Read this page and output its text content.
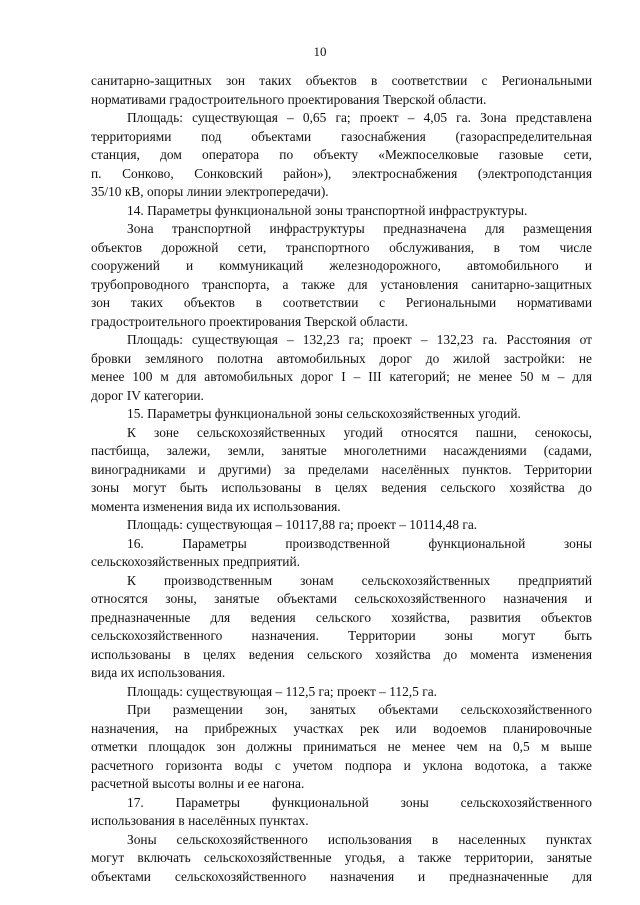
10
санитарно-защитных зон таких объектов в соответствии с Региональными
нормативами градостроительного проектирования Тверской области.
Площадь: существующая – 0,65 га; проект – 4,05 га. Зона представлена
территориями под объектами газоснабжения (газораспределительная
станция, дом оператора по объекту «Межпоселковые газовые сети,
п. Сонково, Сонковский район»), электроснабжения (электроподстанция
35/10 кВ, опоры линии электропередачи).
14. Параметры функциональной зоны транспортной инфраструктуры.
Зона транспортной инфраструктуры предназначена для размещения
объектов дорожной сети, транспортного обслуживания, в том числе
сооружений и коммуникаций железнодорожного, автомобильного и
трубопроводного транспорта, а также для установления санитарно-защитных
зон таких объектов в соответствии с Региональными нормативами
градостроительного проектирования Тверской области.
Площадь: существующая – 132,23 га; проект – 132,23 га. Расстояния от
бровки земляного полотна автомобильных дорог до жилой застройки: не
менее 100 м для автомобильных дорог I – III категорий; не менее 50 м – для
дорог IV категории.
15. Параметры функциональной зоны сельскохозяйственных угодий.
К зоне сельскохозяйственных угодий относятся пашни, сенокосы,
пастбища, залежи, земли, занятые многолетними насаждениями (садами,
виноградниками и другими) за пределами населённых пунктов. Территории
зоны могут быть использованы в целях ведения сельского хозяйства до
момента изменения вида их использования.
Площадь: существующая – 10117,88 га; проект – 10114,48 га.
16. Параметры производственной функциональной зоны
сельскохозяйственных предприятий.
К производственным зонам сельскохозяйственных предприятий
относятся зоны, занятые объектами сельскохозяйственного назначения и
предназначенные для ведения сельского хозяйства, развития объектов
сельскохозяйственного назначения. Территории зоны могут быть
использованы в целях ведения сельского хозяйства до момента изменения
вида их использования.
Площадь: существующая – 112,5 га; проект – 112,5 га.
При размещении зон, занятых объектами сельскохозяйственного
назначения, на прибрежных участках рек или водоемов планировочные
отметки площадок зон должны приниматься не менее чем на 0,5 м выше
расчетного горизонта воды с учетом подпора и уклона водотока, а также
расчетной высоты волны и ее нагона.
17. Параметры функциональной зоны сельскохозяйственного
использования в населённых пунктах.
Зоны сельскохозяйственного использования в населенных пунктах
могут включать сельскохозяйственные угодья, а также территории, занятые
объектами сельскохозяйственного назначения и предназначенные для
